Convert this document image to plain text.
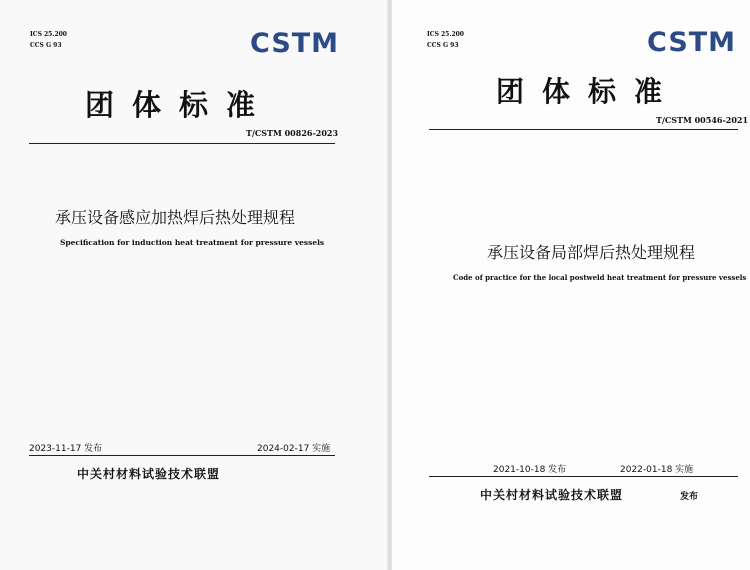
ICS 25.200
CCS G 93	CSTM
团体标准
T/CSTM 00826-2023
承压设备感应加热焊后热处理规程
Specification for induction heat treatment for pressure vessels
2023-11-17 发布	2024-02-17 实施
中关村材料试验技术联盟
ICS 25.200
CCS G 93	CSTM
团体标准
T/CSTM 00546-2021
承压设备局部焊后热处理规程
Code of practice for the local postweld heat treatment for pressure vessels
2021-10-18 发布	2022-01-18 实施
中关村材料试验技术联盟	发布
